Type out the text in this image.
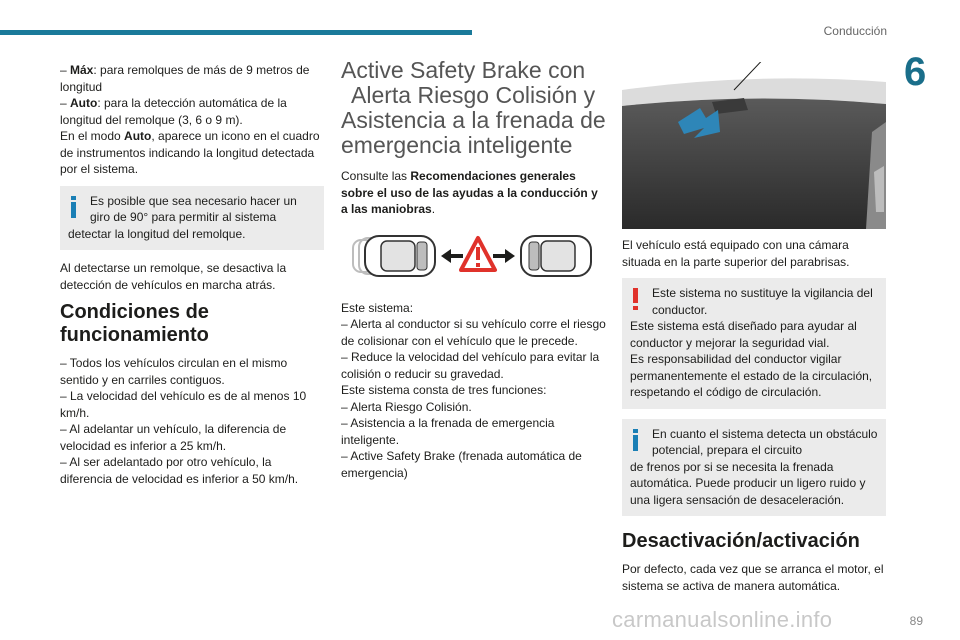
Conducción
6
– Máx: para remolques de más de 9 metros de longitud
– Auto: para la detección automática de la longitud del remolque (3, 6 o 9 m).
En el modo Auto, aparece un icono en el cuadro de instrumentos indicando la longitud detectada por el sistema.
Es posible que sea necesario hacer un giro de 90° para permitir al sistema
detectar la longitud del remolque.
Al detectarse un remolque, se desactiva la detección de vehículos en marcha atrás.
Condiciones de funcionamiento
– Todos los vehículos circulan en el mismo sentido y en carriles contiguos.
– La velocidad del vehículo es de al menos 10 km/h.
– Al adelantar un vehículo, la diferencia de velocidad es inferior a 25 km/h.
– Al ser adelantado por otro vehículo, la diferencia de velocidad es inferior a 50 km/h.
Active Safety Brake con
Alerta Riesgo Colisión y
Asistencia a la frenada de
emergencia inteligente
Consulte las Recomendaciones generales sobre el uso de las ayudas a la conducción y a las maniobras.
Este sistema:
– Alerta al conductor si su vehículo corre el riesgo de colisionar con el vehículo que le precede.
– Reduce la velocidad del vehículo para evitar la colisión o reducir su gravedad.
Este sistema consta de tres funciones:
– Alerta Riesgo Colisión.
– Asistencia a la frenada de emergencia inteligente.
– Active Safety Brake (frenada automática de emergencia)
El vehículo está equipado con una cámara situada en la parte superior del parabrisas.
Este sistema no sustituye la vigilancia del conductor.
Este sistema está diseñado para ayudar al conductor y mejorar la seguridad vial.
Es responsabilidad del conductor vigilar permanentemente el estado de la circulación, respetando el código de circulación.
En cuanto el sistema detecta un obstáculo potencial, prepara el circuito
de frenos por si se necesita la frenada automática. Puede producir un ligero ruido y una ligera sensación de desaceleración.
Desactivación/activación
Por defecto, cada vez que se arranca el motor, el sistema se activa de manera automática.
89
carmanualsonline.info
